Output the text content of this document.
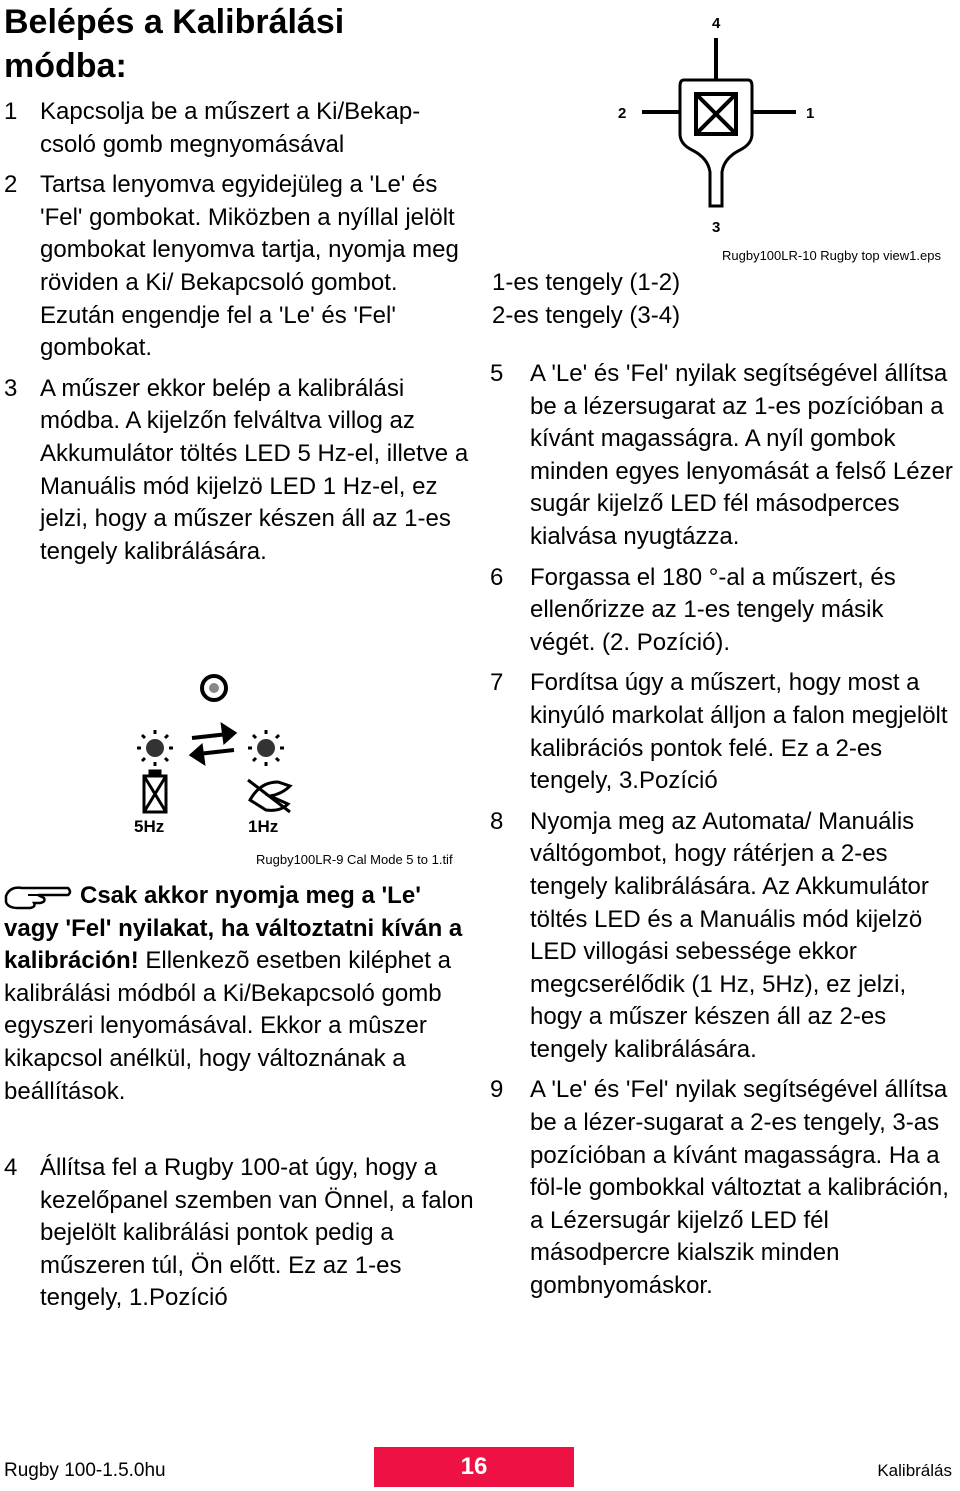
Belépés a Kalibrálási módba:
1 Kapcsolja be a műszert a Ki/Bekap-csoló gomb megnyomásával
2 Tartsa lenyomva egyidejüleg a 'Le' és 'Fel' gombokat. Miközben a nyíllal jelölt gombokat lenyomva tartja, nyomja meg röviden a Ki/ Bekapcsoló gombot. Ezután engendje fel a 'Le' és 'Fel' gombokat.
3 A műszer ekkor belép a kalibrálási módba. A kijelzőn felváltva villog az Akkumulátor töltés LED 5 Hz-el, illetve a Manuális mód kijelzö LED 1 Hz-el, ez jelzi, hogy a műszer készen áll az 1-es tengely kalibrálására.
5Hz	1Hz
Rugby100LR-9 Cal Mode 5 to 1.tif
Csak akkor nyomja meg a 'Le' vagy 'Fel' nyilakat, ha változtatni kíván a kalibráción! Ellenkezõ esetben kiléphet a kalibrálási módból a Ki/Bekapcsoló gomb egyszeri lenyomásával. Ekkor a mûszer kikapcsol anélkül, hogy változnának a beállítások.
4 Állítsa fel a Rugby 100-at úgy, hogy a kezelőpanel szemben van Önnel, a falon bejelölt kalibrálási pontok pedig a műszeren túl, Ön előtt. Ez az 1-es tengely, 1.Pozíció
4
2	1
3
Rugby100LR-10 Rugby top view1.eps
1-es tengely (1-2)
2-es tengely (3-4)
5 A 'Le' és 'Fel' nyilak segítségével állítsa be a lézersugarat az 1-es pozícióban a kívánt magasságra. A nyíl gombok minden egyes lenyomását a felső Lézer sugár kijelző LED fél másodperces kialvása nyugtázza.
6 Forgassa el 180 °-al a műszert, és ellenőrizze az 1-es tengely másik végét. (2. Pozíció).
7 Fordítsa úgy a műszert, hogy most a kinyúló markolat álljon a falon megjelölt kalibrációs pontok felé. Ez a 2-es tengely, 3.Pozíció
8 Nyomja meg az Automata/ Manuális váltógombot, hogy rátérjen a 2-es tengely kalibrálására. Az Akkumulátor töltés LED és a Manuális mód kijelzö LED villogási sebessége ekkor megcserélődik (1 Hz, 5Hz), ez jelzi, hogy a műszer készen áll az 2-es tengely kalibrálására.
9 A 'Le' és 'Fel' nyilak segítségével állítsa be a lézer-sugarat a 2-es tengely, 3-as pozícióban a kívánt magasságra. Ha a föl-le gombokkal változtat a kalibráción, a Lézersugár kijelző LED fél másodpercre kialszik minden gombnyomáskor.
Rugby 100-1.5.0hu	16	Kalibrálás
